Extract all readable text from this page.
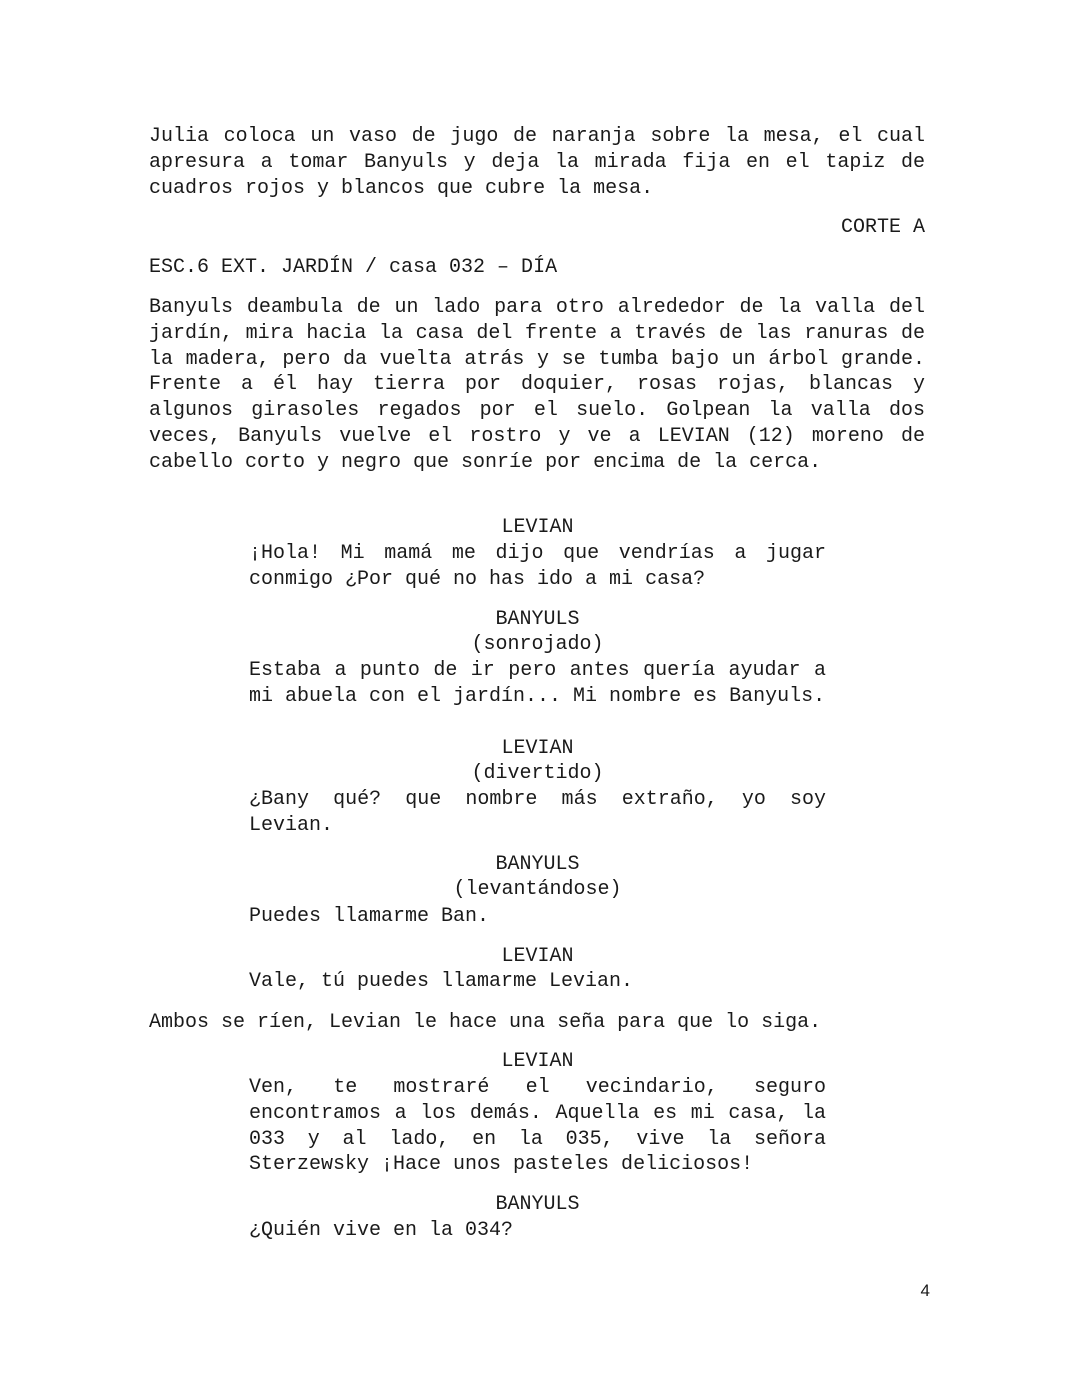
Julia coloca un vaso de jugo de naranja sobre la mesa, el cual apresura a tomar Banyuls y deja la mirada fija en el tapiz de cuadros rojos y blancos que cubre la mesa.

CORTE A

ESC.6 EXT. JARDÍN / casa 032 – DÍA

Banyuls deambula de un lado para otro alrededor de la valla del jardín, mira hacia la casa del frente a través de las ranuras de la madera, pero da vuelta atrás y se tumba bajo un árbol grande. Frente a él hay tierra por doquier, rosas rojas, blancas y algunos girasoles regados por el suelo. Golpean la valla dos veces, Banyuls vuelve el rostro y ve a LEVIAN (12) moreno de cabello corto y negro que sonríe por encima de la cerca.

LEVIAN

¡Hola! Mi mamá me dijo que vendrías a jugar conmigo ¿Por qué no has ido a mi casa?

BANYULS

(sonrojado)

Estaba a punto de ir pero antes quería ayudar a mi abuela con el jardín... Mi nombre es Banyuls.

LEVIAN

(divertido)

¿Bany qué? que nombre más extraño, yo soy Levian.

BANYULS

(levantándose)

Puedes llamarme Ban.

LEVIAN

Vale, tú puedes llamarme Levian.

Ambos se ríen, Levian le hace una seña para que lo siga.

LEVIAN

Ven, te mostraré el vecindario, seguro encontramos a los demás. Aquella es mi casa, la 033 y al lado, en la 035, vive la señora Sterzewsky ¡Hace unos pasteles deliciosos!

BANYULS

¿Quién vive en la 034?

4
